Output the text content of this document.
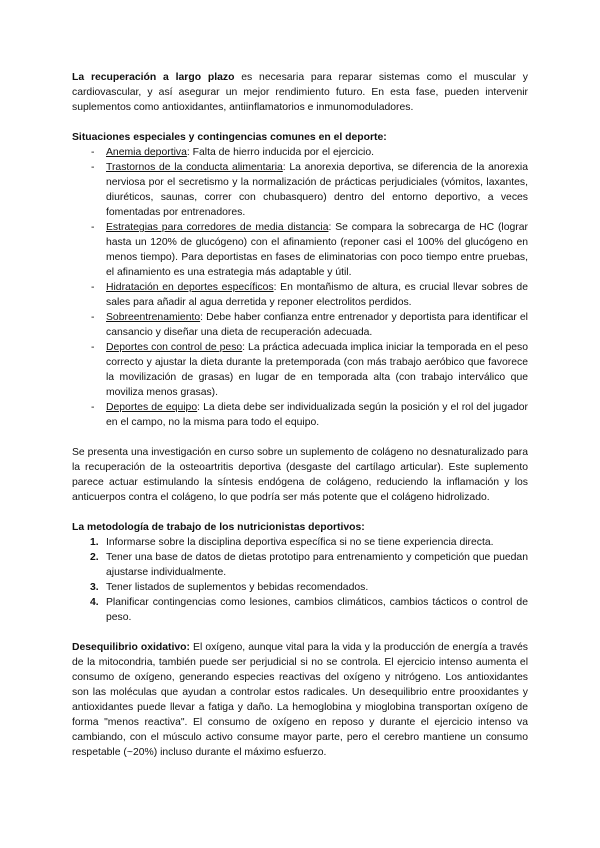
La recuperación a largo plazo es necesaria para reparar sistemas como el muscular y cardiovascular, y así asegurar un mejor rendimiento futuro. En esta fase, pueden intervenir suplementos como antioxidantes, antiinflamatorios e inmunomoduladores.

Situaciones especiales y contingencias comunes en el deporte:

- Anemia deportiva: Falta de hierro inducida por el ejercicio.
- Trastornos de la conducta alimentaria: La anorexia deportiva, se diferencia de la anorexia nerviosa por el secretismo y la normalización de prácticas perjudiciales (vómitos, laxantes, diuréticos, saunas, correr con chubasquero) dentro del entorno deportivo, a veces fomentadas por entrenadores.
- Estrategias para corredores de media distancia: Se compara la sobrecarga de HC (lograr hasta un 120% de glucógeno) con el afinamiento (reponer casi el 100% del glucógeno en menos tiempo). Para deportistas en fases de eliminatorias con poco tiempo entre pruebas, el afinamiento es una estrategia más adaptable y útil.
- Hidratación en deportes específicos: En montañismo de altura, es crucial llevar sobres de sales para añadir al agua derretida y reponer electrolitos perdidos.
- Sobreentrenamiento: Debe haber confianza entre entrenador y deportista para identificar el cansancio y diseñar una dieta de recuperación adecuada.
- Deportes con control de peso: La práctica adecuada implica iniciar la temporada en el peso correcto y ajustar la dieta durante la pretemporada (con más trabajo aeróbico que favorece la movilización de grasas) en lugar de en temporada alta (con trabajo interválico que moviliza menos grasas).
- Deportes de equipo: La dieta debe ser individualizada según la posición y el rol del jugador en el campo, no la misma para todo el equipo.

Se presenta una investigación en curso sobre un suplemento de colágeno no desnaturalizado para la recuperación de la osteoartritis deportiva (desgaste del cartílago articular). Este suplemento parece actuar estimulando la síntesis endógena de colágeno, reduciendo la inflamación y los anticuerpos contra el colágeno, lo que podría ser más potente que el colágeno hidrolizado.

La metodología de trabajo de los nutricionistas deportivos:

1. Informarse sobre la disciplina deportiva específica si no se tiene experiencia directa.
2. Tener una base de datos de dietas prototipo para entrenamiento y competición que puedan ajustarse individualmente.
3. Tener listados de suplementos y bebidas recomendados.
4. Planificar contingencias como lesiones, cambios climáticos, cambios tácticos o control de peso.

Desequilibrio oxidativo: El oxígeno, aunque vital para la vida y la producción de energía a través de la mitocondria, también puede ser perjudicial si no se controla. El ejercicio intenso aumenta el consumo de oxígeno, generando especies reactivas del oxígeno y nitrógeno. Los antioxidantes son las moléculas que ayudan a controlar estos radicales. Un desequilibrio entre prooxidantes y antioxidantes puede llevar a fatiga y daño. La hemoglobina y mioglobina transportan oxígeno de forma "menos reactiva". El consumo de oxígeno en reposo y durante el ejercicio intenso va cambiando, con el músculo activo consume mayor parte, pero el cerebro mantiene un consumo respetable (~20%) incluso durante el máximo esfuerzo.
